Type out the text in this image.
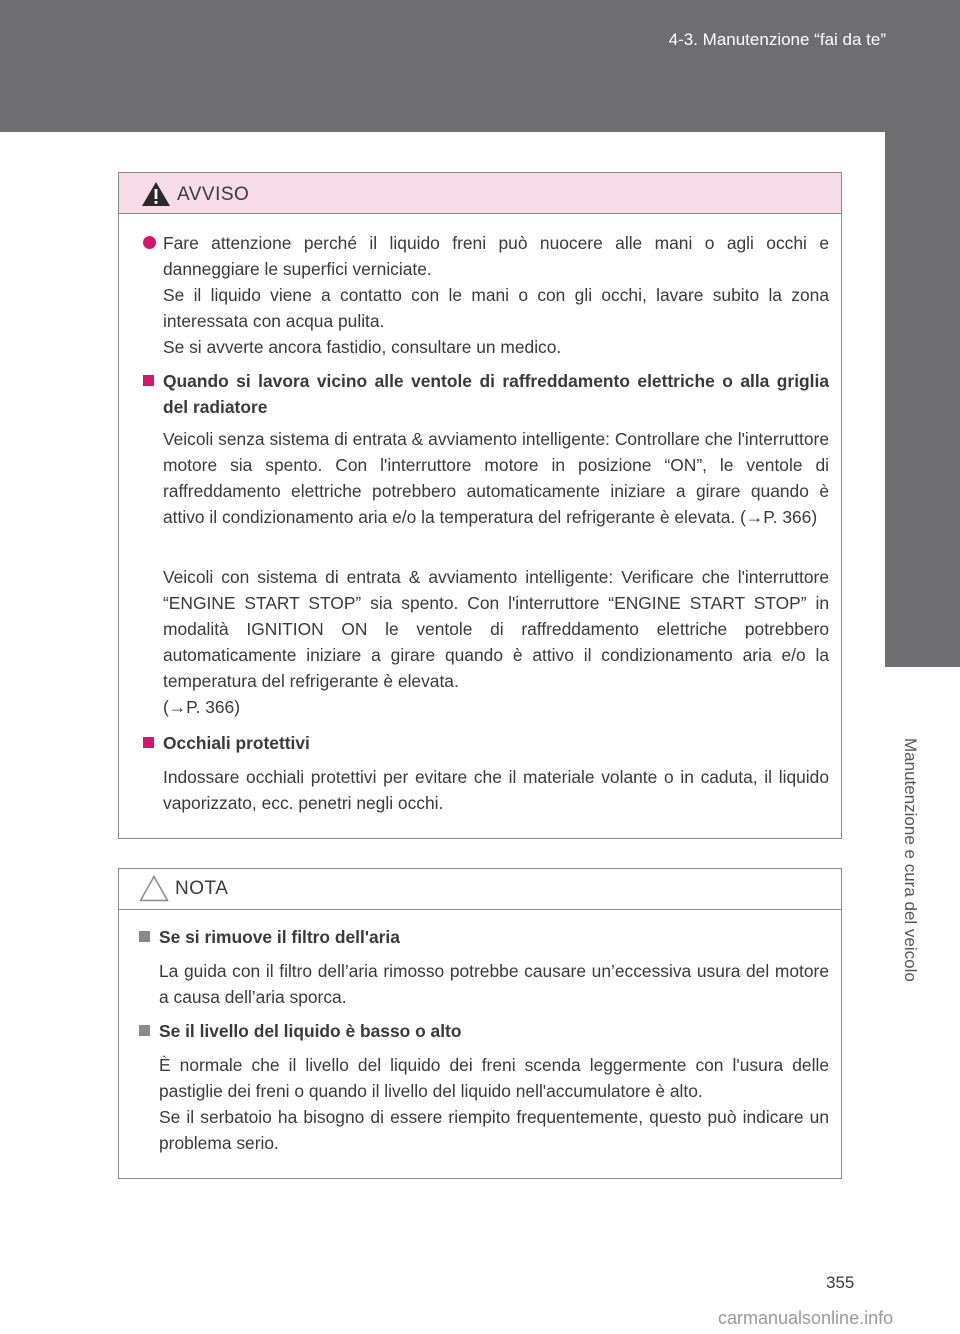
4-3. Manutenzione “fai da te”
4
Manutenzione e cura del veicolo
AVVISO
Fare attenzione perché il liquido freni può nuocere alle mani o agli occhi e danneggiare le superfici verniciate.
Se il liquido viene a contatto con le mani o con gli occhi, lavare subito la zona interessata con acqua pulita.
Se si avverte ancora fastidio, consultare un medico.
Quando si lavora vicino alle ventole di raffreddamento elettriche o alla griglia del radiatore
Veicoli senza sistema di entrata & avviamento intelligente: Controllare che l'interruttore motore sia spento. Con l'interruttore motore in posizione “ON”, le ventole di raffreddamento elettriche potrebbero automaticamente iniziare a girare quando è attivo il condizionamento aria e/o la temperatura del refrigerante è elevata. (→P. 366)
Veicoli con sistema di entrata & avviamento intelligente: Verificare che l'interruttore “ENGINE START STOP” sia spento. Con l'interruttore “ENGINE START STOP” in modalità IGNITION ON le ventole di raffreddamento elettriche potrebbero automaticamente iniziare a girare quando è attivo il condizionamento aria e/o la temperatura del refrigerante è elevata.
(→P. 366)
Occhiali protettivi
Indossare occhiali protettivi per evitare che il materiale volante o in caduta, il liquido vaporizzato, ecc. penetri negli occhi.
NOTA
Se si rimuove il filtro dell'aria
La guida con il filtro dell’aria rimosso potrebbe causare un’eccessiva usura del motore a causa dell’aria sporca.
Se il livello del liquido è basso o alto
È normale che il livello del liquido dei freni scenda leggermente con l'usura delle pastiglie dei freni o quando il livello del liquido nell'accumulatore è alto.
Se il serbatoio ha bisogno di essere riempito frequentemente, questo può indicare un problema serio.
355
carmanualsonline.info
